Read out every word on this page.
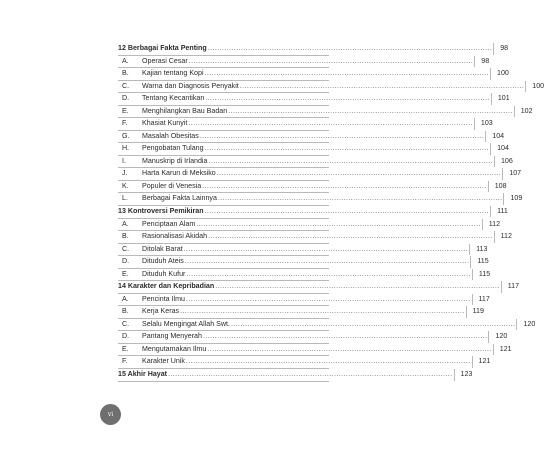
12 Berbagai Fakta Penting ........................................................................................................................	98
A.	Operasi Cesar ........................................................................................................................	98
B.	Kajian tentang Kopi ........................................................................................................................	100
C.	Warna dan Diagnosis Penyakit ........................................................................................................................	100
D.	Tentang Kecantikan ........................................................................................................................	101
E.	Menghilangkan Bau Badan ........................................................................................................................	102
F.	Khasiat Kunyit ........................................................................................................................	103
G.	Masalah Obesitas ........................................................................................................................	104
H.	Pengobatan Tulang ........................................................................................................................	104
I.	Manuskrip di Irlandia ........................................................................................................................	106
J.	Harta Karun di Meksiko ........................................................................................................................	107
K.	Populer di Venesia ........................................................................................................................	108
L.	Berbagai Fakta Lainnya ........................................................................................................................	109
13 Kontroversi Pemikiran ........................................................................................................................	111
A.	Penciptaan Alam ........................................................................................................................	112
B.	Rasionalisasi Akidah ........................................................................................................................	112
C.	Ditolak Barat ........................................................................................................................	113
D.	Dituduh Ateis ........................................................................................................................	115
E.	Dituduh Kufur ........................................................................................................................	115
14 Karakter dan Kepribadian ........................................................................................................................	117
A.	Pencinta Ilmu ........................................................................................................................	117
B.	Kerja Keras ........................................................................................................................	119
C.	Selalu Mengingat Allah Swt. ........................................................................................................................	120
D.	Pantang Menyerah ........................................................................................................................	120
E.	Mengutamakan Ilmu ........................................................................................................................	121
F.	Karakter Unik ........................................................................................................................	121
15 Akhir Hayat ........................................................................................................................	123
vi
